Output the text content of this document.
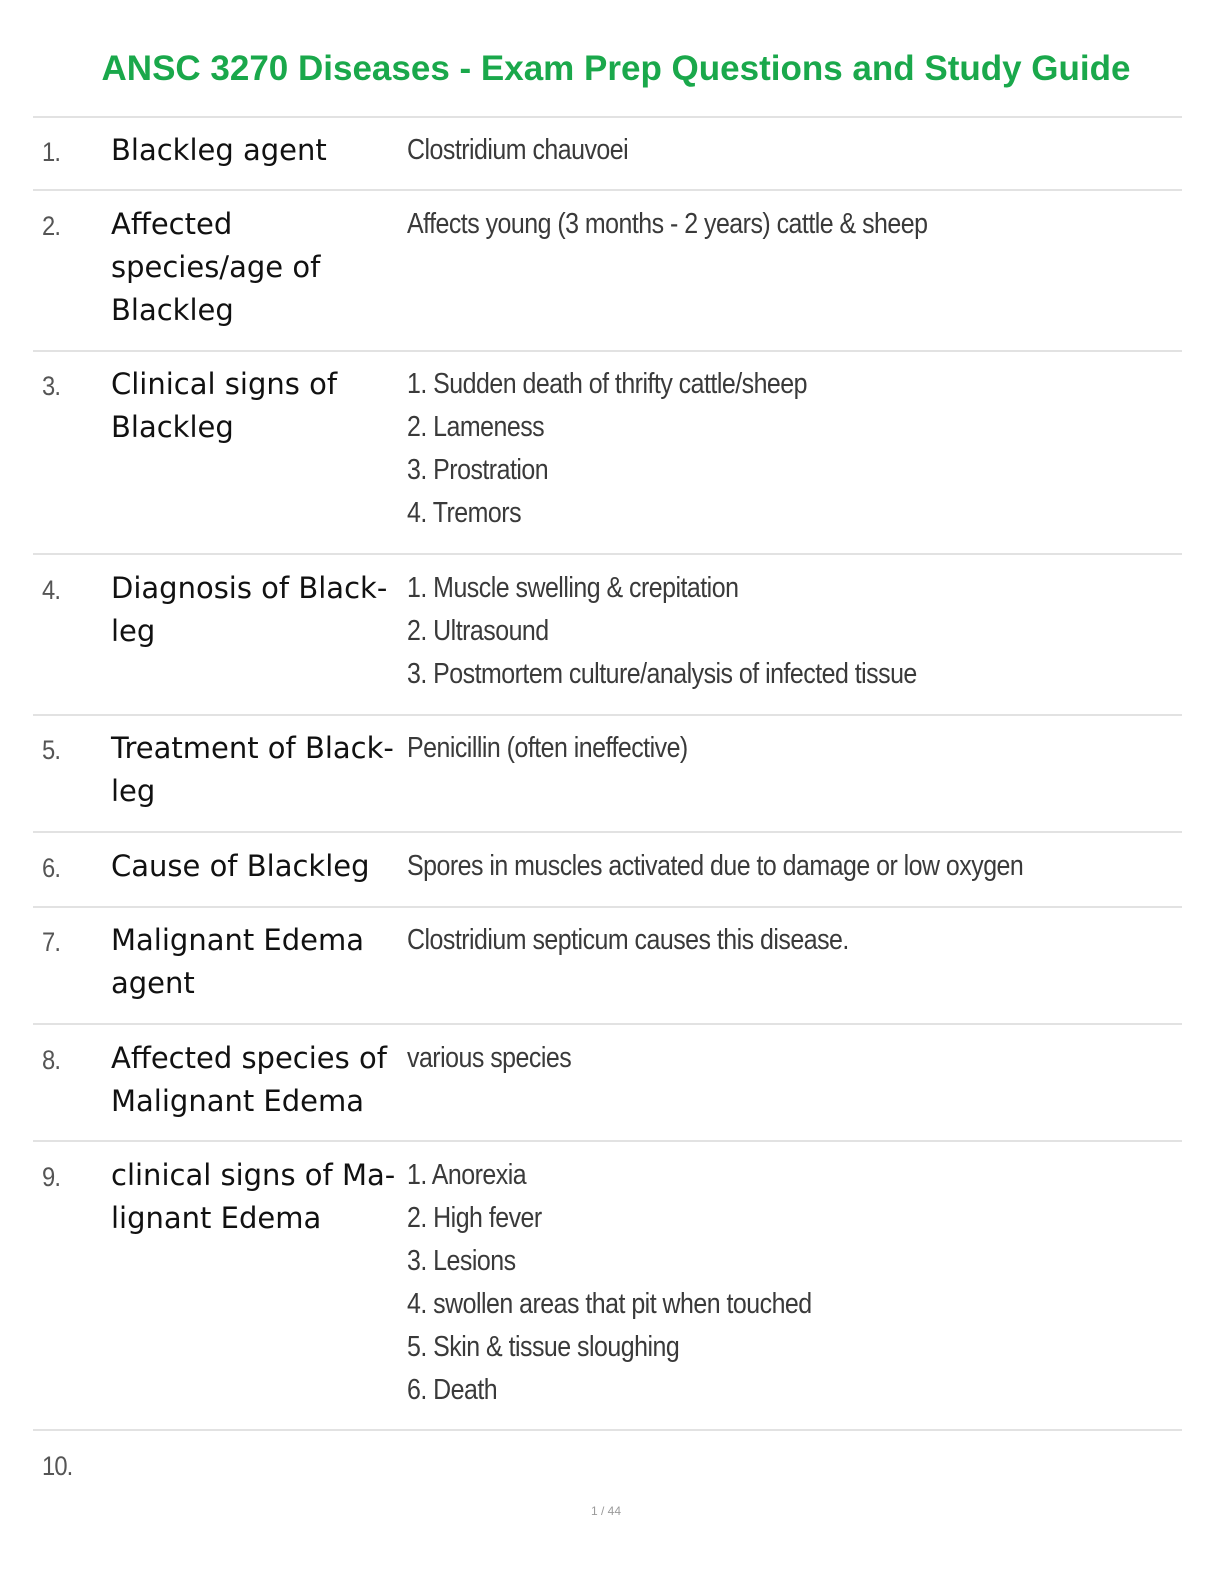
ANSC 3270 Diseases - Exam Prep Questions and Study Guide
1. Blackleg agent	Clostridium chauvoei
2. Affected
species/age of
Blackleg
Affects young (3 months - 2 years) cattle & sheep
3. Clinical signs of
Blackleg
1. Sudden death of thrifty cattle/sheep
2. Lameness
3. Prostration
4. Tremors
4. Diagnosis of Black-
leg
1. Muscle swelling & crepitation
2. Ultrasound
3. Postmortem culture/analysis of infected tissue
5. Treatment of Black-
leg
Penicillin (often ineffective)
6. Cause of Blackleg	Spores in muscles activated due to damage or low oxygen
7. Malignant Edema
agent
Clostridium septicum causes this disease.
8. Affected species of
Malignant Edema
various species
9. clinical signs of Ma-
lignant Edema
1. Anorexia
2. High fever
3. Lesions
4. swollen areas that pit when touched
5. Skin & tissue sloughing
6. Death
10.
1 / 44
